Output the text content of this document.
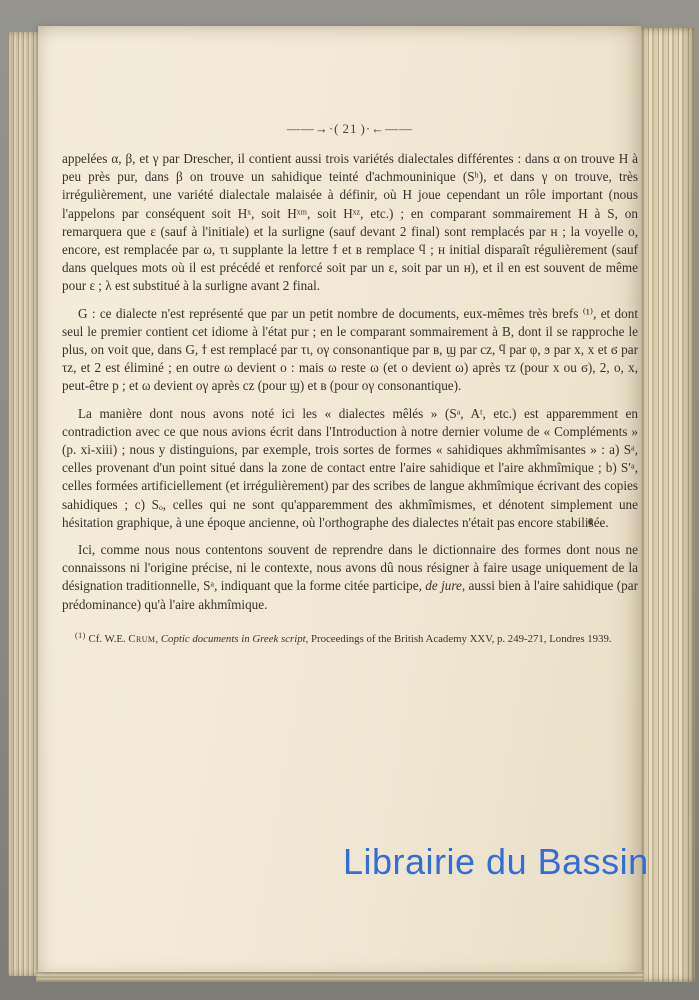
——→·( 21 )·←——

appelées α, β, et γ par Drescher, il contient aussi trois variétés dialectales différentes : dans α on trouve H à peu près pur, dans β on trouve un sahidique teinté d'achmouninique (Sʰ), et dans γ on trouve, très irrégulièrement, une variété dialectale malaisée à définir, où H joue cependant un rôle important (nous l'appelons par conséquent soit Hˣ, soit Hˣᵐ, soit Hˣᶻ, etc.) ; en comparant sommairement H à S, on remarquera que ε (sauf à l'initiale) et la surligne (sauf devant 2 final) sont remplacés par ʜ ; la voyelle o, encore, est remplacée par ω, τι supplante la lettre ϯ et ʙ remplace ϥ ; ʜ initial disparaît régulièrement (sauf dans quelques mots où il est précédé et renforcé soit par un ε, soit par un ʜ), et il en est souvent de même pour ε ; λ est substitué à la surligne avant 2 final.

G : ce dialecte n'est représenté que par un petit nombre de documents, eux-mêmes très brefs ⁽¹⁾, et dont seul le premier contient cet idiome à l'état pur ; en le comparant sommairement à B, dont il se rapproche le plus, on voit que, dans G, ϯ est remplacé par τι, ογ consonantique par ʙ, ϣ par cz, ϥ par φ, ϧ par x, x et ϭ par τz, et 2 est éliminé ; en outre ω devient o : mais ω reste ω (et o devient ω) après τz (pour x ou ϭ), 2, o, x, peut-être p ; et ω devient ογ après cz (pour ϣ) et ʙ (pour ογ consonantique).

La manière dont nous avons noté ici les « dialectes mêlés » (Sᵃ, Aᵗ, etc.) est apparemment en contradiction avec ce que nous avions écrit dans l'Introduction à notre dernier volume de « Compléments » (p. xi-xiii) ; nous y distinguions, par exemple, trois sortes de formes « sahidiques akhmîmisantes » : a) Sᵃ, celles provenant d'un point situé dans la zone de contact entre l'aire sahidique et l'aire akhmîmique ; b) S′ᵃ, celles formées artificiellement (et irrégulièrement) par des scribes de langue akhmîmique écrivant des copies sahidiques ; c) Sₒ, celles qui ne sont qu'apparemment des akhmîmismes, et dénotent simplement une hésitation graphique, à une époque ancienne, où l'orthographe des dialectes n'était pas encore stabilisée.

Ici, comme nous nous contentons souvent de reprendre dans le dictionnaire des formes dont nous ne connaissons ni l'origine précise, ni le contexte, nous avons dû nous résigner à faire usage uniquement de la désignation traditionnelle, Sᵃ, indiquant que la forme citée participe, de jure, aussi bien à l'aire sahidique (par prédominance) qu'à l'aire akhmîmique.

$^{(1)}$ Cf. W.E. Crum, Coptic documents in Greek script, Proceedings of the British Academy XXV, p. 249-271, Londres 1939.
Librairie du Bassin
